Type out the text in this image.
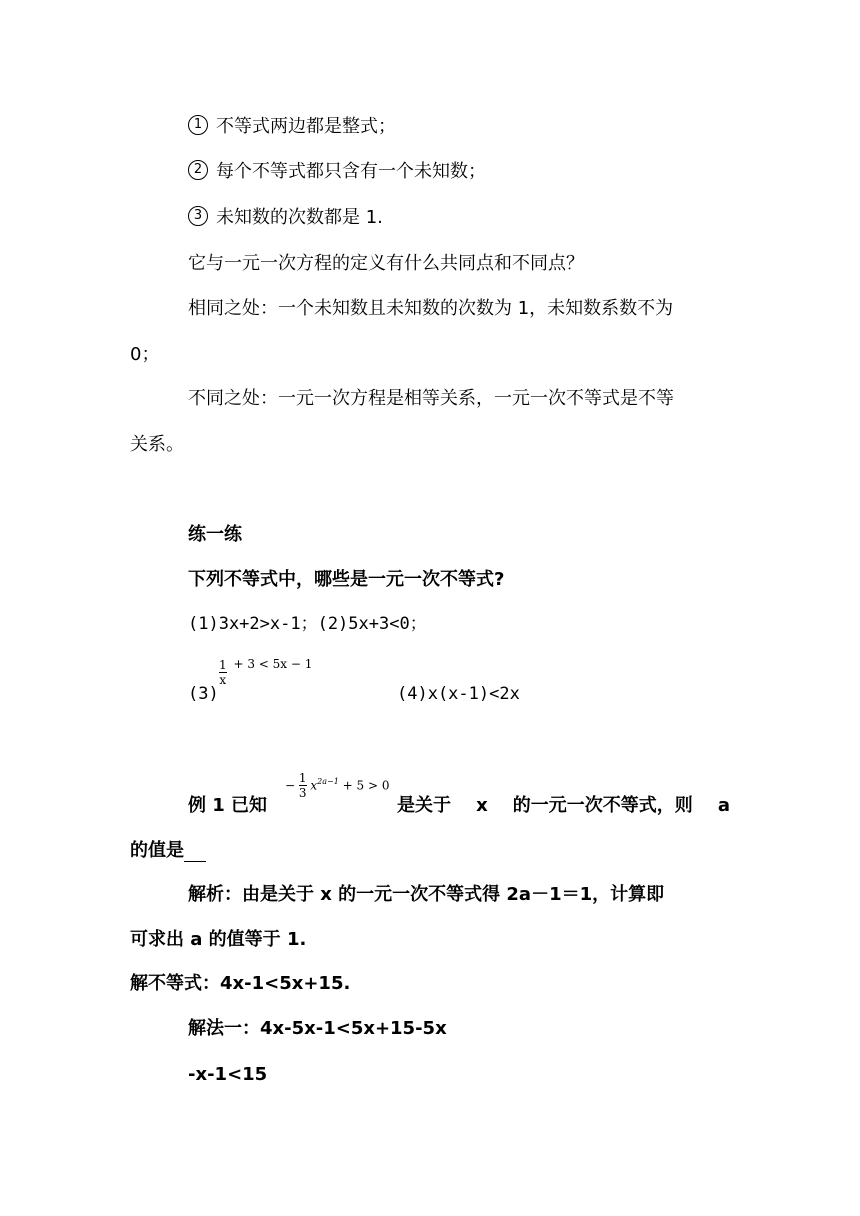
1 不等式两边都是整式；
2 每个不等式都只含有一个未知数；
3 未知数的次数都是 1.
它与一元一次方程的定义有什么共同点和不同点？
相同之处：一个未知数且未知数的次数为 1，未知数系数不为
0；
不同之处：一元一次方程是相等关系，一元一次不等式是不等
关系。
练一练
下列不等式中，哪些是一元一次不等式?
(1)3x+2>x-1；(2)5x+3<0；
(3)
$\frac{1}{x} + 3 < 5x - 1$
(4)x(x-1)<2x
例 1 已知
− $\frac{1}{3} x^{2a-1} + 5 > 0$
是关于 x 的一元一次不等式，则 a
的值是
解析：由是关于 x 的一元一次不等式得 2a－1＝1，计算即
可求出 a 的值等于 1.
解不等式：4x-1<5x+15.
解法一：4x-5x-1<5x+15-5x
-x-1<15
